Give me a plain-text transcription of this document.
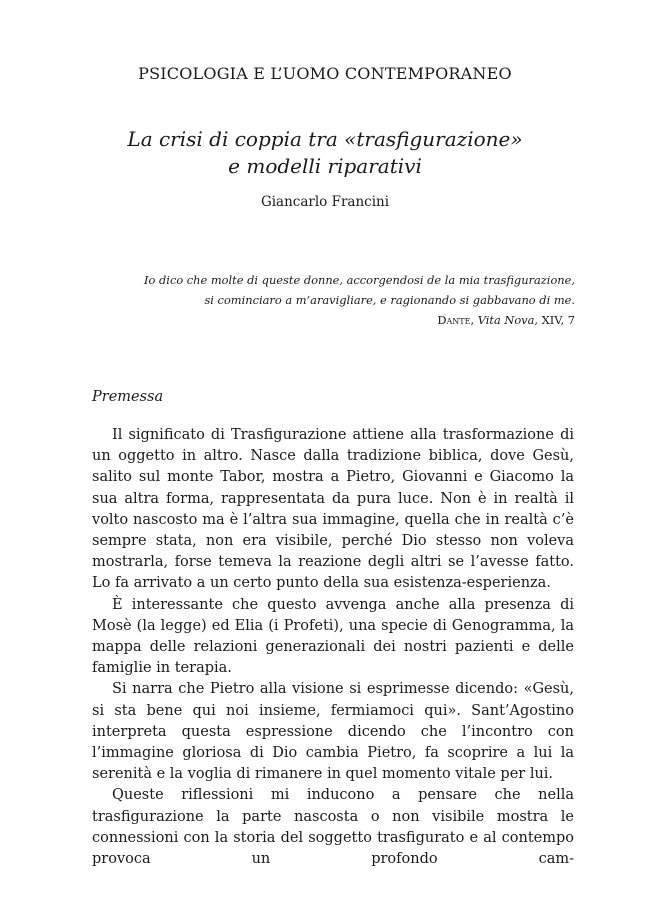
PSICOLOGIA E L’UOMO CONTEMPORANEO
La crisi di coppia tra «trasfigurazione»
e modelli riparativi
Giancarlo Francini
Io dico che molte di queste donne, accorgendosi de la mia trasfigurazione,
si cominciaro a m’aravigliare, e ragionando si gabbavano di me.
Dante, Vita Nova, XIV, 7
Premessa

Il significato di Trasfigurazione attiene alla trasformazione di un oggetto in altro. Nasce dalla tradizione biblica, dove Gesù, salito sul monte Tabor, mostra a Pietro, Giovanni e Giacomo la sua altra forma, rappresentata da pura luce. Non è in realtà il volto nascosto ma è l’altra sua immagine, quella che in realtà c’è sempre stata, non era visibile, perché Dio stesso non voleva mostrarla, forse temeva la reazione degli altri se l’avesse fatto. Lo fa arrivato a un certo punto della sua esistenza-esperienza.

È interessante che questo avvenga anche alla presenza di Mosè (la legge) ed Elia (i Profeti), una specie di Genogramma, la mappa delle relazioni generazionali dei nostri pazienti e delle famiglie in terapia.

Si narra che Pietro alla visione si esprimesse dicendo: «Gesù, si sta bene qui noi insieme, fermiamoci qui». Sant’Agostino interpreta questa espressione dicendo che l’incontro con l’immagine gloriosa di Dio cambia Pietro, fa scoprire a lui la serenità e la voglia di rimanere in quel momento vitale per lui.

Queste riflessioni mi inducono a pensare che nella trasfigurazione la parte nascosta o non visibile mostra le connessioni con la storia del soggetto trasfigurato e al contempo provoca un profondo cam-
